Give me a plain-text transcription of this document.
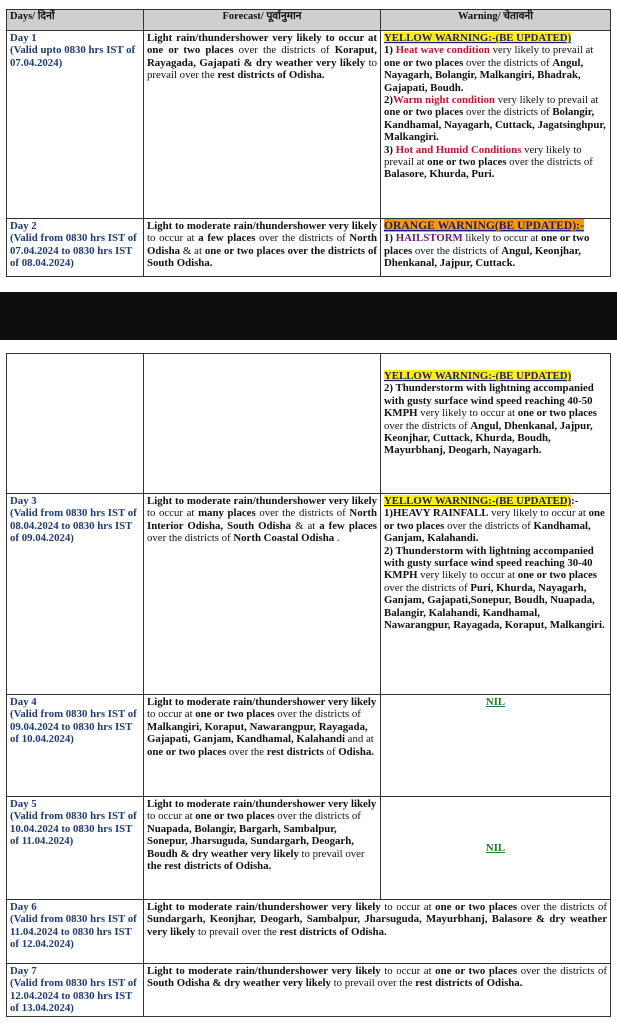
Days/ दिनों	Forecast/ पूर्वानुमान	Warning/ चेतावनी

Day 1
(Valid upto 0830 hrs IST of 07.04.2024)	Light rain/thundershower very likely to occur at one or two places over the districts of Koraput, Rayagada, Gajapati & dry weather very likely to prevail over the rest districts of Odisha.	YELLOW WARNING:-(BE UPDATED)
1) Heat wave condition very likely to prevail at one or two places over the districts of Angul, Nayagarh, Bolangir, Malkangiri, Bhadrak, Gajapati, Boudh.
2)Warm night condition very likely to prevail at one or two places over the districts of Bolangir, Kandhamal, Nayagarh, Cuttack, Jagatsinghpur, Malkangiri.
3) Hot and Humid Conditions very likely to prevail at one or two places over the districts of Balasore, Khurda, Puri.

Day 2
(Valid from 0830 hrs IST of 07.04.2024 to 0830 hrs IST of 08.04.2024)	Light to moderate rain/thundershower very likely to occur at a few places over the districts of North Odisha & at one or two places over the districts of South Odisha.	ORANGE WARNING(BE UPDATED):-
1) HAILSTORM likely to occur at one or two places over the districts of Angul, Keonjhar, Dhenkanal, Jajpur, Cuttack.
		YELLOW WARNING:-(BE UPDATED)
2) Thunderstorm with lightning accompanied with gusty surface wind speed reaching 40-50 KMPH very likely to occur at one or two places over the districts of Angul, Dhenkanal, Jajpur, Keonjhar, Cuttack, Khurda, Boudh, Mayurbhanj, Deogarh, Nayagarh.

Day 3
(Valid from 0830 hrs IST of 08.04.2024 to 0830 hrs IST of 09.04.2024)	Light to moderate rain/thundershower very likely to occur at many places over the districts of North Interior Odisha, South Odisha & at a few places over the districts of North Coastal Odisha .	YELLOW WARNING:-(BE UPDATED):-
1)HEAVY RAINFALL very likely to occur at one or two places over the districts of Kandhamal, Ganjam, Kalahandi.
2) Thunderstorm with lightning accompanied with gusty surface wind speed reaching 30-40 KMPH very likely to occur at one or two places over the districts of Puri, Khurda, Nayagarh, Ganjam, Gajapati,Sonepur, Boudh, Nuapada, Balangir, Kalahandi, Kandhamal, Nawarangpur, Rayagada, Koraput, Malkangiri.

Day 4
(Valid from 0830 hrs IST of 09.04.2024 to 0830 hrs IST of 10.04.2024)	Light to moderate rain/thundershower very likely to occur at one or two places over the districts of Malkangiri, Koraput, Nawarangpur, Rayagada, Gajapati, Ganjam, Kandhamal, Kalahandi and at one or two places over the rest districts of Odisha.	NIL

Day 5
(Valid from 0830 hrs IST of 10.04.2024 to 0830 hrs IST of 11.04.2024)	Light to moderate rain/thundershower very likely to occur at one or two places over the districts of Nuapada, Bolangir, Bargarh, Sambalpur, Sonepur, Jharsuguda, Sundargarh, Deogarh, Boudh & dry weather very likely to prevail over the rest districts of Odisha.	NIL

Day 6
(Valid from 0830 hrs IST of 11.04.2024 to 0830 hrs IST of 12.04.2024)	Light to moderate rain/thundershower very likely to occur at one or two places over the districts of Sundargarh, Keonjhar, Deogarh, Sambalpur, Jharsuguda, Mayurbhanj, Balasore & dry weather very likely to prevail over the rest districts of Odisha.	

Day 7
(Valid from 0830 hrs IST of 12.04.2024 to 0830 hrs IST of 13.04.2024)	Light to moderate rain/thundershower very likely to occur at one or two places over the districts of South Odisha & dry weather very likely to prevail over the rest districts of Odisha.	
